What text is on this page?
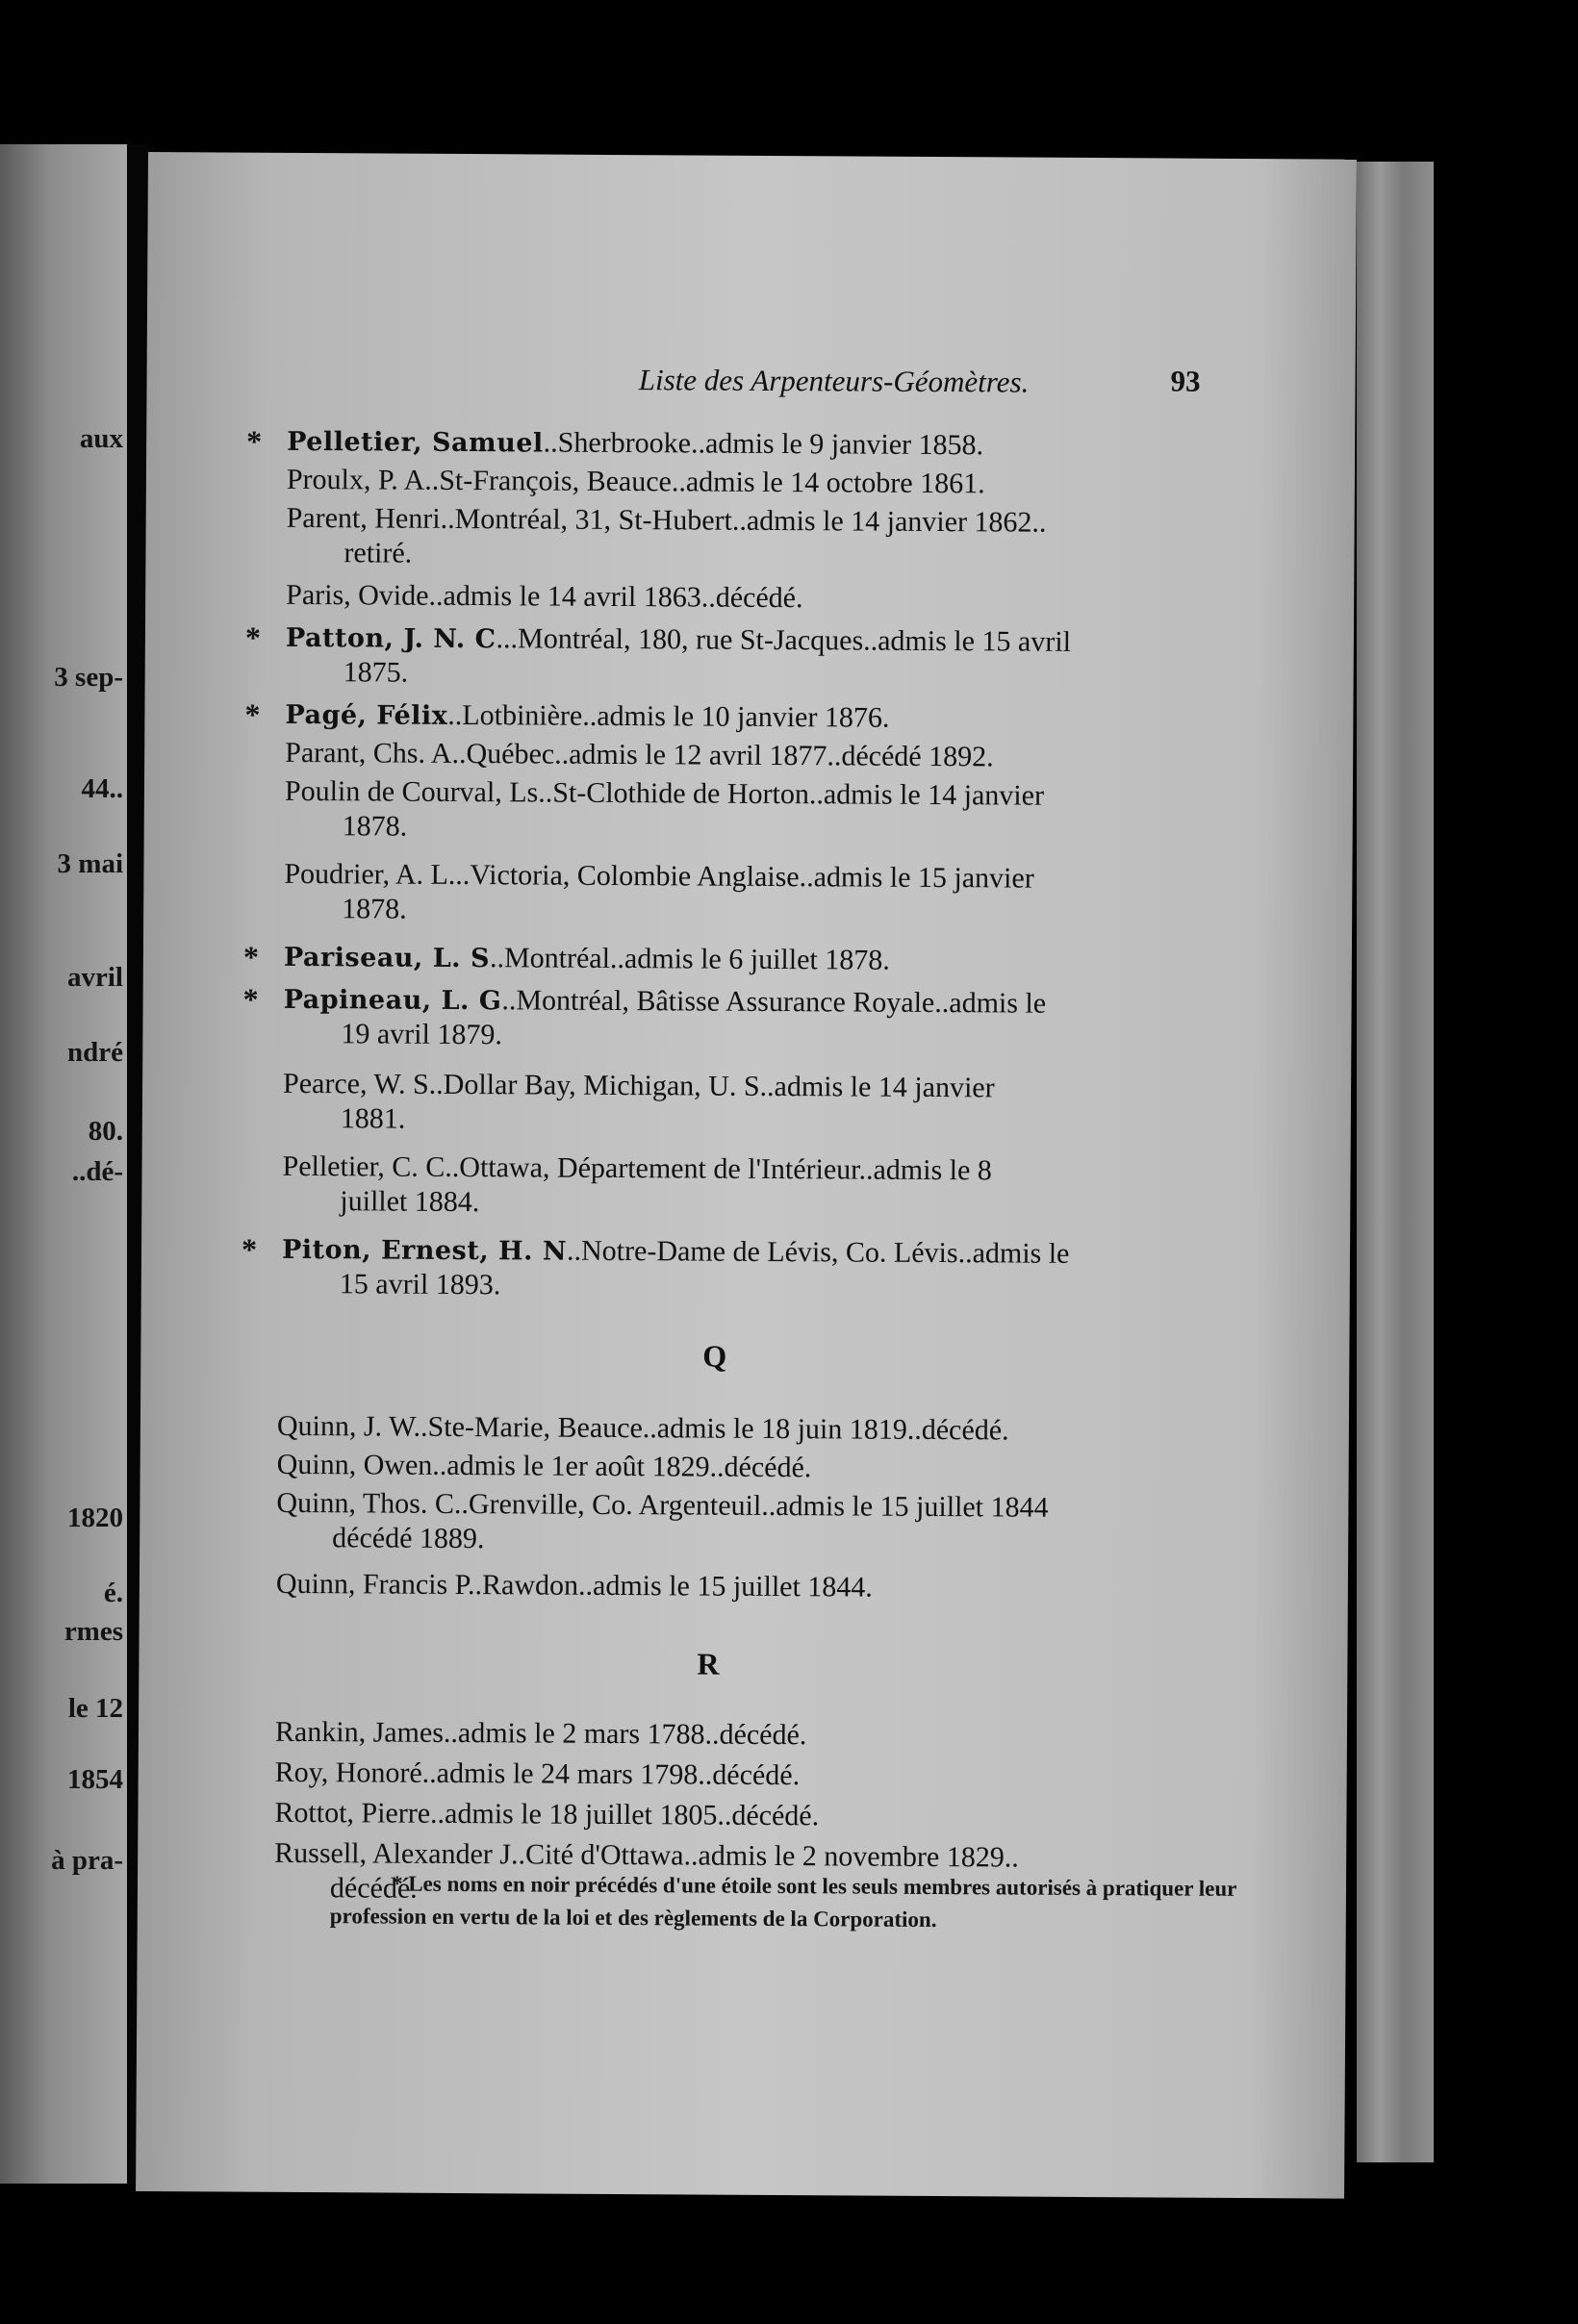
aux
3 sep-
44..
3 mai
avril
ndré
80.
..dé-
1820
é.
rmes
le 12
1854
à pra-
Liste des Arpenteurs-Géomètres.	93
* Pelletier, Samuel..Sherbrooke..admis le 9 janvier 1858.
Proulx, P. A..St-François, Beauce..admis le 14 octobre 1861.
Parent, Henri..Montréal, 31, St-Hubert..admis le 14 janvier 1862..
retiré.
Paris, Ovide..admis le 14 avril 1863..décédé.
* Patton, J. N. C...Montréal, 180, rue St-Jacques..admis le 15 avril
1875.
* Pagé, Félix..Lotbinière..admis le 10 janvier 1876.
Parant, Chs. A..Québec..admis le 12 avril 1877..décédé 1892.
Poulin de Courval, Ls..St-Clothide de Horton..admis le 14 janvier
1878.
Poudrier, A. L...Victoria, Colombie Anglaise..admis le 15 janvier
1878.
* Pariseau, L. S..Montréal..admis le 6 juillet 1878.
* Papineau, L. G..Montréal, Bâtisse Assurance Royale..admis le
19 avril 1879.
Pearce, W. S..Dollar Bay, Michigan, U. S..admis le 14 janvier
1881.
Pelletier, C. C..Ottawa, Département de l'Intérieur..admis le 8
juillet 1884.
* Piton, Ernest, H. N..Notre-Dame de Lévis, Co. Lévis..admis le
15 avril 1893.
Q
Quinn, J. W..Ste-Marie, Beauce..admis le 18 juin 1819..décédé.
Quinn, Owen..admis le 1er août 1829..décédé.
Quinn, Thos. C..Grenville, Co. Argenteuil..admis le 15 juillet 1844
décédé 1889.
Quinn, Francis P..Rawdon..admis le 15 juillet 1844.
R
Rankin, James..admis le 2 mars 1788..décédé.
Roy, Honoré..admis le 24 mars 1798..décédé.
Rottot, Pierre..admis le 18 juillet 1805..décédé.
Russell, Alexander J..Cité d'Ottawa..admis le 2 novembre 1829..
décédé.
* Les noms en noir précédés d'une étoile sont les seuls membres autorisés à pratiquer leur profession en vertu de la loi et des règlements de la Corporation.
